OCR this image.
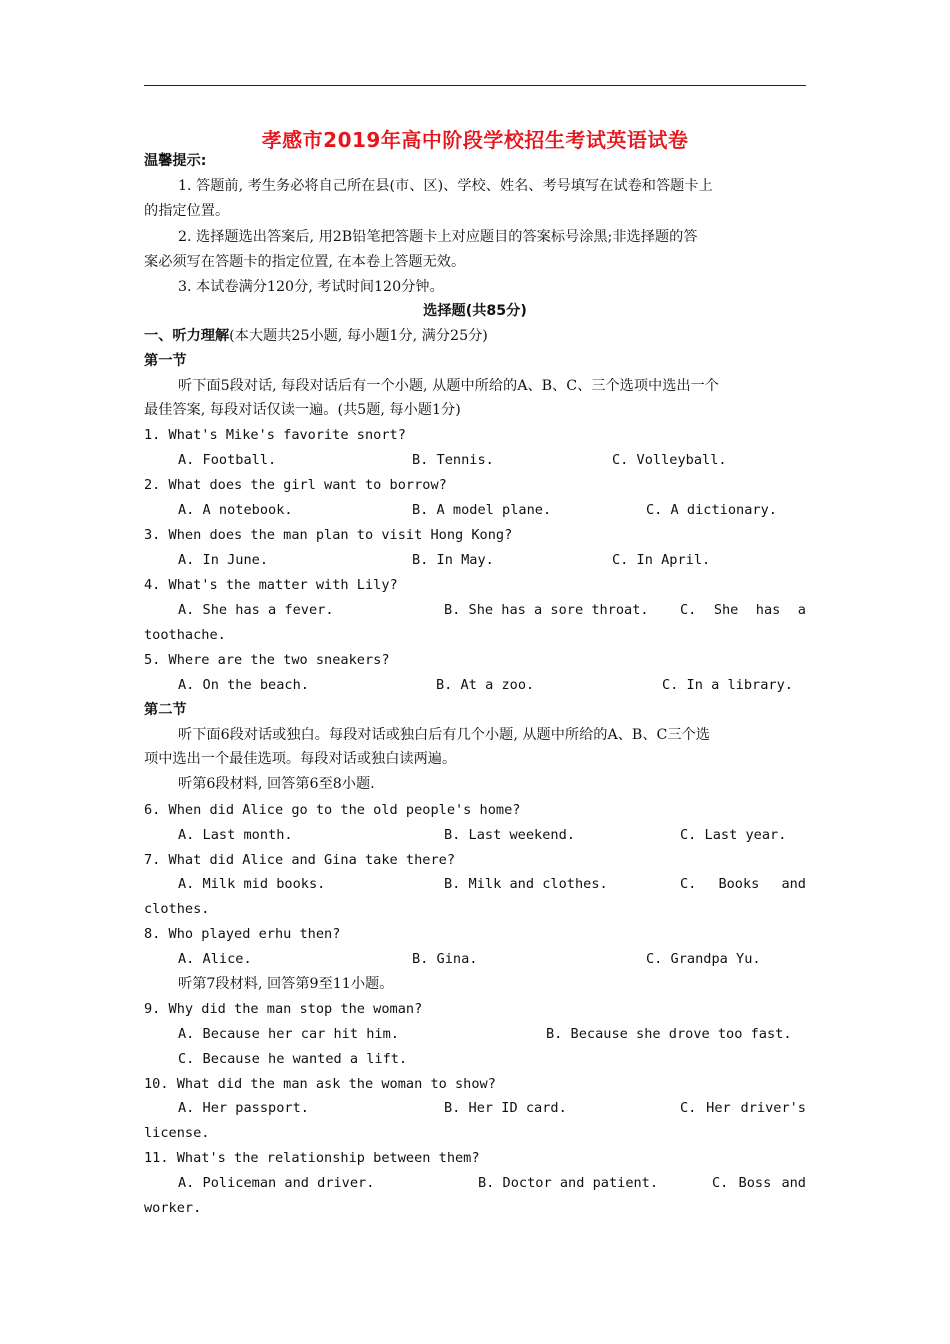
孝感市2019年高中阶段学校招生考试英语试卷
温馨提示:
1. 答题前, 考生务必将自己所在县(市、区)、学校、姓名、考号填写在试卷和答题卡上
的指定位置。
2. 选择题选出答案后, 用2B铅笔把答题卡上对应题目的答案标号涂黑;非选择题的答
案必须写在答题卡的指定位置, 在本卷上答题无效。
3. 本试卷满分120分, 考试时间120分钟。
选择题(共85分)
一、听力理解(本大题共25小题, 每小题1分, 满分25分)
第一节
听下面5段对话, 每段对话后有一个小题, 从题中所给的A、B、C、三个选项中选出一个
最佳答案, 每段对话仅读一遍。(共5题, 每小题1分)
1. What's Mike's favorite snort?
A. Football.	B. Tennis.	C. Volleyball.
2. What does the girl want to borrow?
A. A notebook.	B. A model plane.	C. A dictionary.
3. When does the man plan to visit Hong Kong?
A. In June.	B. In May.	C. In April.
4. What's the matter with Lily?
A. She has a fever.	B. She has a sore throat. C. She has a
toothache.
5. Where are the two sneakers?
A. On the beach.	B. At a zoo.	C. In a library.
第二节
听下面6段对话或独白。每段对话或独白后有几个小题, 从题中所给的A、B、C三个选
项中选出一个最佳选项。每段对话或独白读两遍。
听第6段材料, 回答第6至8小题.
6. When did Alice go to the old people's home?
A. Last month.	B. Last weekend.	C. Last year.
7. What did Alice and Gina take there?
A. Milk mid books.	B. Milk and clothes.	C. Books and
clothes.
8. Who played erhu then?
A. Alice.	B. Gina.	C. Grandpa Yu.
听第7段材料, 回答第9至11小题。
9. Why did the man stop the woman?
A. Because her car hit him.	B. Because she drove too fast.
C. Because he wanted a lift.
10. What did the man ask the woman to show?
A. Her passport.	B. Her ID card.	C. Her driver's
license.
11. What's the relationship between them?
A. Policeman and driver.	B. Doctor and patient.	C. Boss and
worker.
